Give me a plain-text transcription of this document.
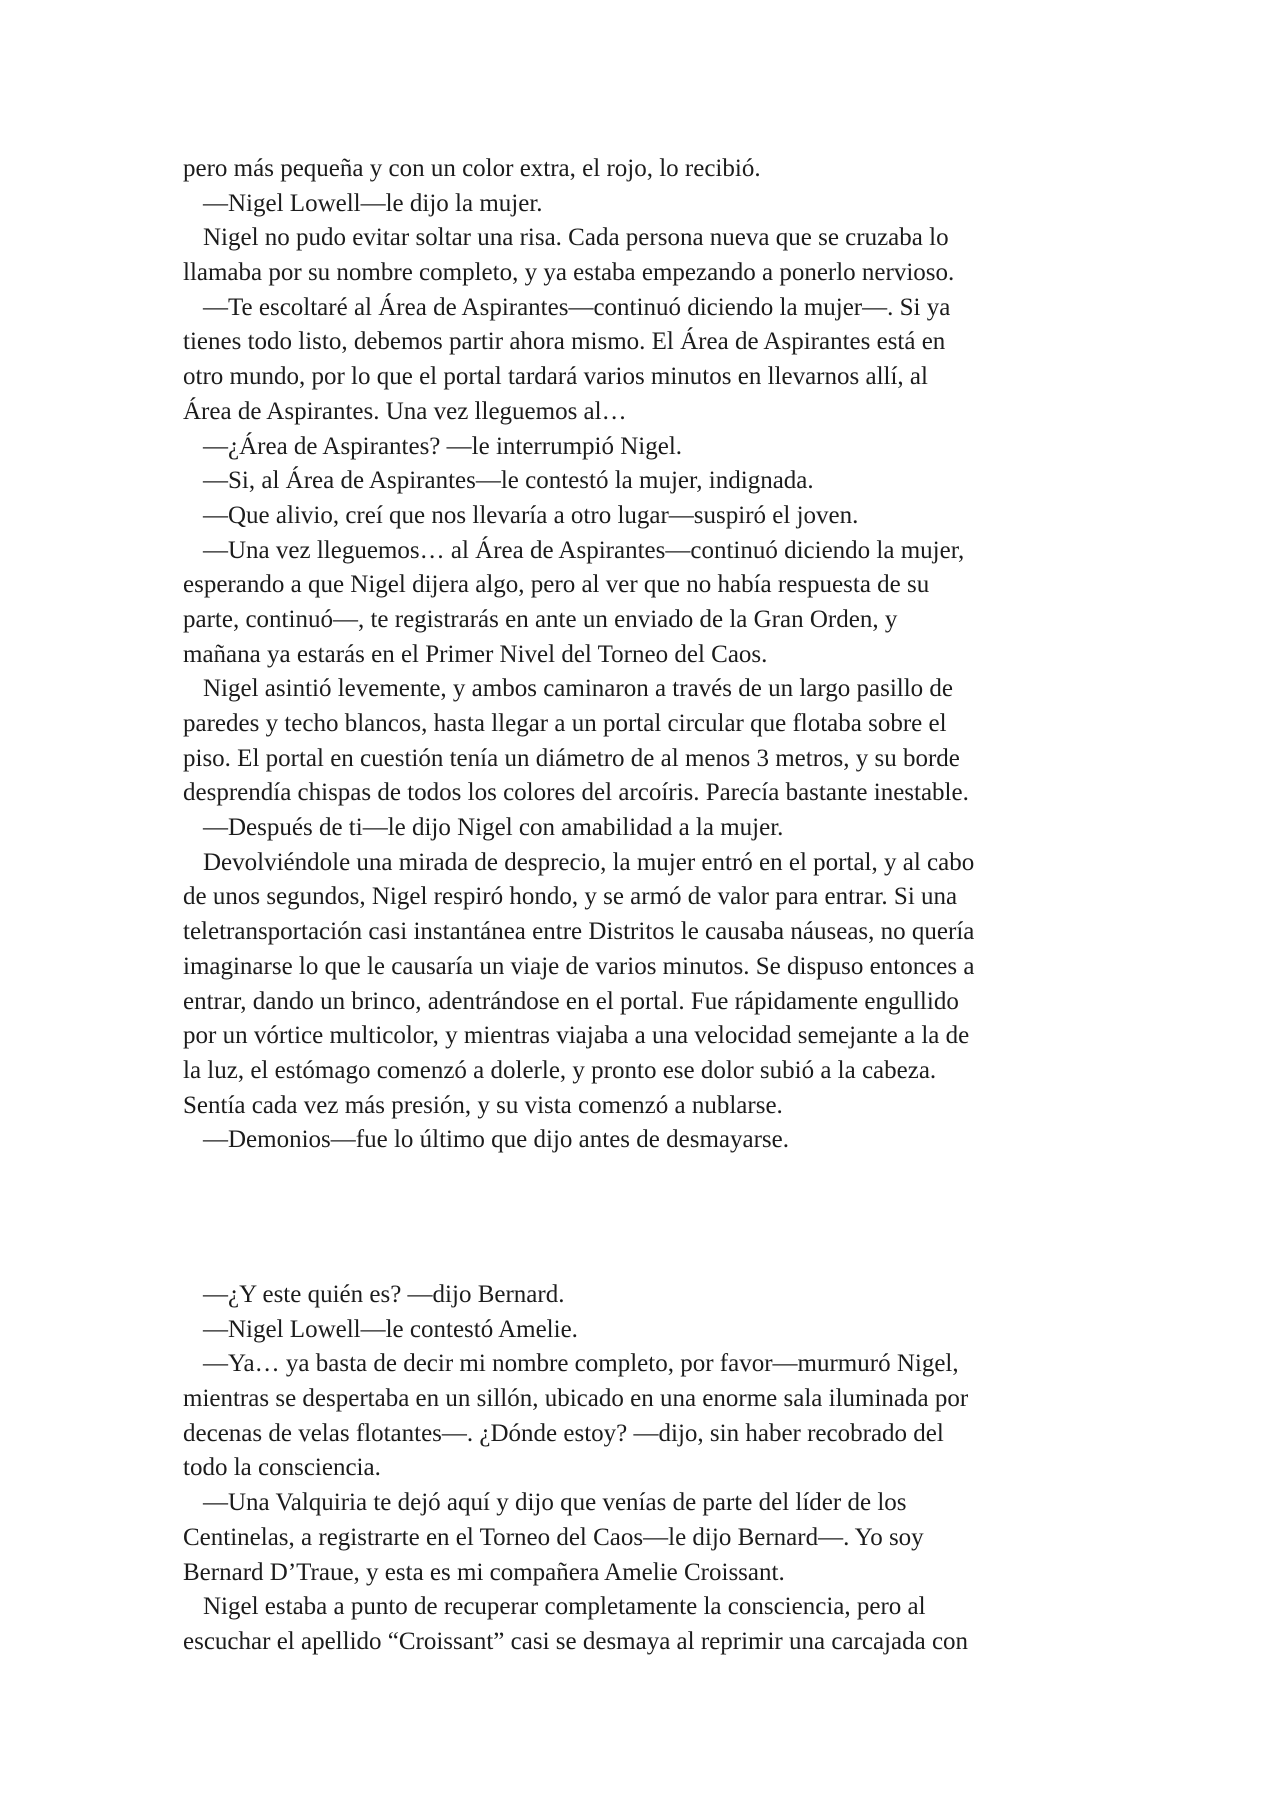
pero más pequeña y con un color extra, el rojo, lo recibió.
—Nigel Lowell—le dijo la mujer.
Nigel no pudo evitar soltar una risa. Cada persona nueva que se cruzaba lo
llamaba por su nombre completo, y ya estaba empezando a ponerlo nervioso.
—Te escoltaré al Área de Aspirantes—continuó diciendo la mujer—. Si ya
tienes todo listo, debemos partir ahora mismo. El Área de Aspirantes está en
otro mundo, por lo que el portal tardará varios minutos en llevarnos allí, al
Área de Aspirantes. Una vez lleguemos al…
—¿Área de Aspirantes? —le interrumpió Nigel.
—Si, al Área de Aspirantes—le contestó la mujer, indignada.
—Que alivio, creí que nos llevaría a otro lugar—suspiró el joven.
—Una vez lleguemos… al Área de Aspirantes—continuó diciendo la mujer,
esperando a que Nigel dijera algo, pero al ver que no había respuesta de su
parte, continuó—, te registrarás en ante un enviado de la Gran Orden, y
mañana ya estarás en el Primer Nivel del Torneo del Caos.
Nigel asintió levemente, y ambos caminaron a través de un largo pasillo de
paredes y techo blancos, hasta llegar a un portal circular que flotaba sobre el
piso. El portal en cuestión tenía un diámetro de al menos 3 metros, y su borde
desprendía chispas de todos los colores del arcoíris. Parecía bastante inestable.
—Después de ti—le dijo Nigel con amabilidad a la mujer.
Devolviéndole una mirada de desprecio, la mujer entró en el portal, y al cabo
de unos segundos, Nigel respiró hondo, y se armó de valor para entrar. Si una
teletransportación casi instantánea entre Distritos le causaba náuseas, no quería
imaginarse lo que le causaría un viaje de varios minutos. Se dispuso entonces a
entrar, dando un brinco, adentrándose en el portal. Fue rápidamente engullido
por un vórtice multicolor, y mientras viajaba a una velocidad semejante a la de
la luz, el estómago comenzó a dolerle, y pronto ese dolor subió a la cabeza.
Sentía cada vez más presión, y su vista comenzó a nublarse.
—Demonios—fue lo último que dijo antes de desmayarse.
—¿Y este quién es? —dijo Bernard.
—Nigel Lowell—le contestó Amelie.
—Ya… ya basta de decir mi nombre completo, por favor—murmuró Nigel,
mientras se despertaba en un sillón, ubicado en una enorme sala iluminada por
decenas de velas flotantes—. ¿Dónde estoy? —dijo, sin haber recobrado del
todo la consciencia.
—Una Valquiria te dejó aquí y dijo que venías de parte del líder de los
Centinelas, a registrarte en el Torneo del Caos—le dijo Bernard—. Yo soy
Bernard D’Traue, y esta es mi compañera Amelie Croissant.
Nigel estaba a punto de recuperar completamente la consciencia, pero al
escuchar el apellido “Croissant” casi se desmaya al reprimir una carcajada con
